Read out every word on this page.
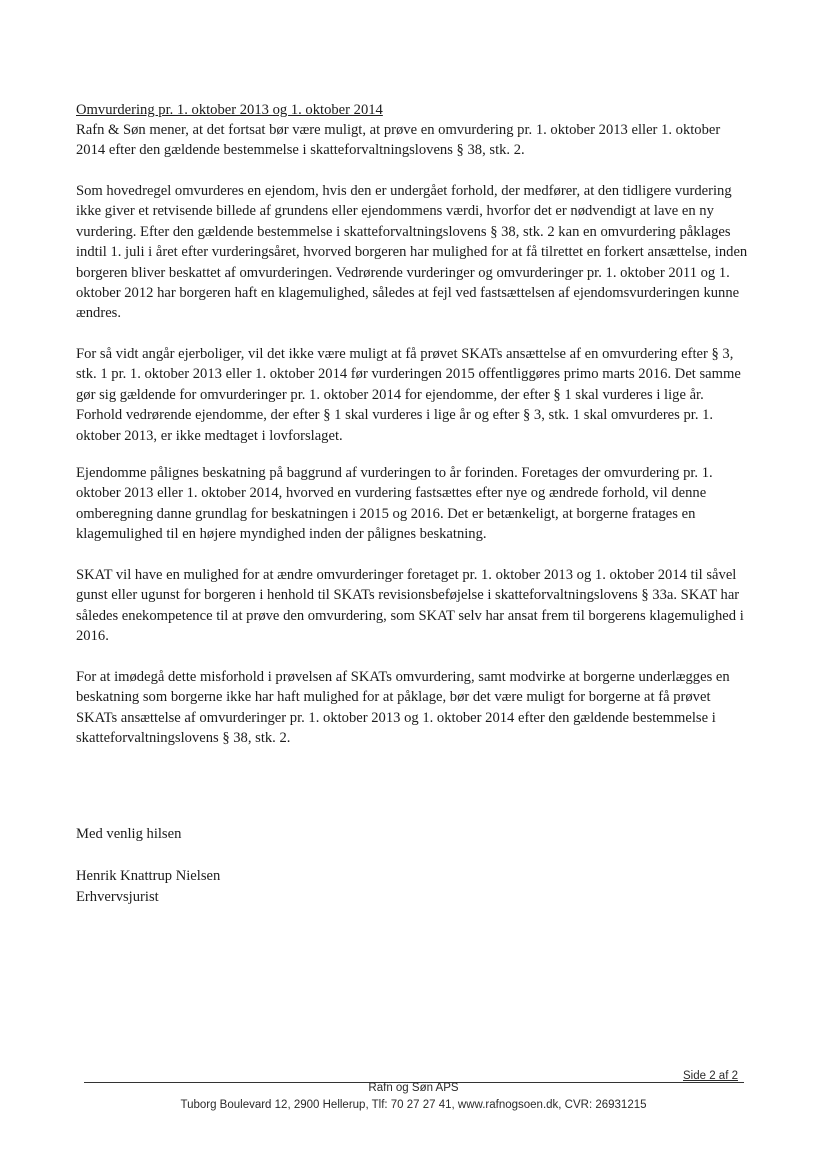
Omvurdering pr. 1. oktober 2013 og 1. oktober 2014
Rafn & Søn mener, at det fortsat bør være muligt, at prøve en omvurdering pr. 1. oktober 2013 eller 1. oktober 2014 efter den gældende bestemmelse i skatteforvaltningslovens § 38, stk. 2.
Som hovedregel omvurderes en ejendom, hvis den er undergået forhold, der medfører, at den tidligere vurdering ikke giver et retvisende billede af grundens eller ejendommens værdi, hvorfor det er nødvendigt at lave en ny vurdering. Efter den gældende bestemmelse i skatteforvaltningslovens § 38, stk. 2 kan en omvurdering påklages indtil 1. juli i året efter vurderingsåret, hvorved borgeren har mulighed for at få tilrettet en forkert ansættelse, inden borgeren bliver beskattet af omvurderingen. Vedrørende vurderinger og omvurderinger pr. 1. oktober 2011 og 1. oktober 2012 har borgeren haft en klagemulighed, således at fejl ved fastsættelsen af ejendomsvurderingen kunne ændres.
For så vidt angår ejerboliger, vil det ikke være muligt at få prøvet SKATs ansættelse af en omvurdering efter § 3, stk. 1 pr. 1. oktober 2013 eller 1. oktober 2014 før vurderingen 2015 offentliggøres primo marts 2016. Det samme gør sig gældende for omvurderinger pr. 1. oktober 2014 for ejendomme, der efter § 1 skal vurderes i lige år. Forhold vedrørende ejendomme, der efter § 1 skal vurderes i lige år og efter § 3, stk. 1 skal omvurderes pr. 1. oktober 2013, er ikke medtaget i lovforslaget.
Ejendomme pålignes beskatning på baggrund af vurderingen to år forinden. Foretages der omvurdering pr. 1. oktober 2013 eller 1. oktober 2014, hvorved en vurdering fastsættes efter nye og ændrede forhold, vil denne omberegning danne grundlag for beskatningen i 2015 og 2016. Det er betænkeligt, at borgerne fratages en klagemulighed til en højere myndighed inden der pålignes beskatning.
SKAT vil have en mulighed for at ændre omvurderinger foretaget pr. 1. oktober 2013 og 1. oktober 2014 til såvel gunst eller ugunst for borgeren i henhold til SKATs revisionsbeføjelse i skatteforvaltningslovens § 33a. SKAT har således enekompetence til at prøve den omvurdering, som SKAT selv har ansat frem til borgerens klagemulighed i 2016.
For at imødegå dette misforhold i prøvelsen af SKATs omvurdering, samt modvirke at borgerne underlægges en beskatning som borgerne ikke har haft mulighed for at påklage, bør det være muligt for borgerne at få prøvet SKATs ansættelse af omvurderinger pr. 1. oktober 2013 og 1. oktober 2014 efter den gældende bestemmelse i skatteforvaltningslovens § 38, stk. 2.
Med venlig hilsen
Henrik Knattrup Nielsen
Erhvervsjurist
Side 2 af 2
Rafn og Søn APS
Tuborg Boulevard 12, 2900 Hellerup, Tlf: 70 27 27 41, www.rafnogsoen.dk, CVR: 26931215
